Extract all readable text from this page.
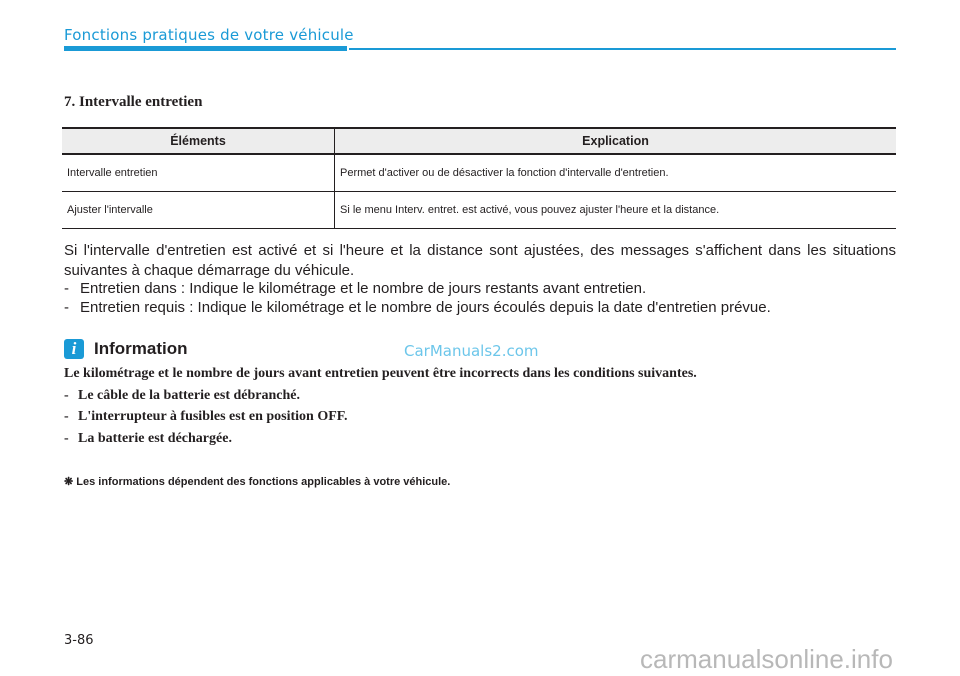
Fonctions pratiques de votre véhicule
7. Intervalle entretien
Éléments	Explication
Intervalle entretien	Permet d'activer ou de désactiver la fonction d'intervalle d'entretien.
Ajuster l'intervalle	Si le menu Interv. entret. est activé, vous pouvez ajuster l'heure et la distance.

Si l'intervalle d'entretien est activé et si l'heure et la distance sont ajustées, des messages s'affichent dans les situations suivantes à chaque démarrage du véhicule.

- Entretien dans : Indique le kilométrage et le nombre de jours restants avant entretien.

- Entretien requis : Indique le kilométrage et le nombre de jours écoulés depuis la date d'entretien prévue.

i	Information	CarManuals2.com

Le kilométrage et le nombre de jours avant entretien peuvent être incorrects dans les conditions suivantes.

- Le câble de la batterie est débranché.

- L'interrupteur à fusibles est en position OFF.

- La batterie est déchargée.

❋ Les informations dépendent des fonctions applicables à votre véhicule.
3-86
carmanualsonline.info
